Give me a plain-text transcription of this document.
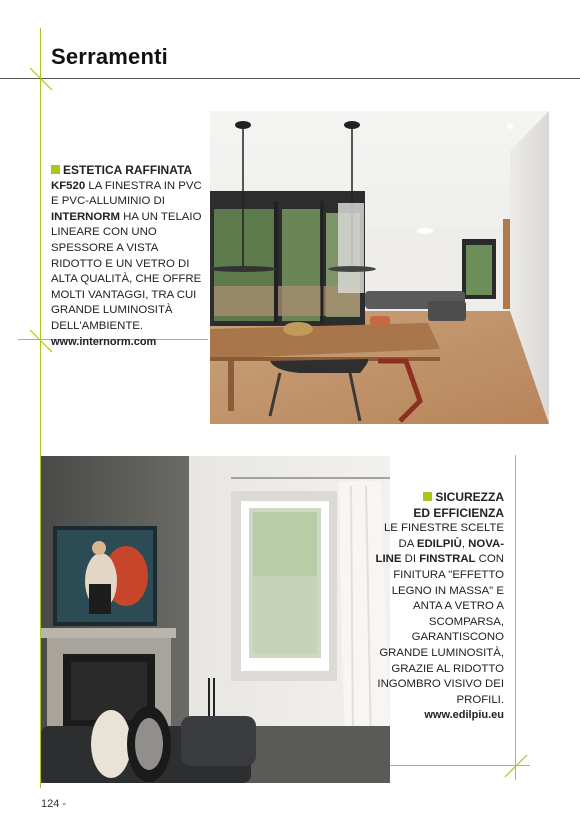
Serramenti
ESTETICA RAFFINATA
KF520 LA FINESTRA IN PVC E PVC-ALLUMINIO DI INTERNORM HA UN TELAIO LINEARE CON UNO SPESSORE A VISTA RIDOTTO E UN VETRO DI ALTA QUALITÀ, CHE OFFRE MOLTI VANTAGGI, TRA CUI GRANDE LUMINOSITÀ DELL'AMBIENTE.
www.internorm.com
SICUREZZA
ED EFFICIENZA
LE FINESTRE SCELTE DA EDILPIÙ, NOVA-LINE DI FINSTRAL CON FINITURA "EFFETTO LEGNO IN MASSA" E ANTA A VETRO A SCOMPARSA, GARANTISCONO GRANDE LUMINOSITÀ, GRAZIE AL RIDOTTO INGOMBRO VISIVO DEI PROFILI.
www.edilpiu.eu
124 -
